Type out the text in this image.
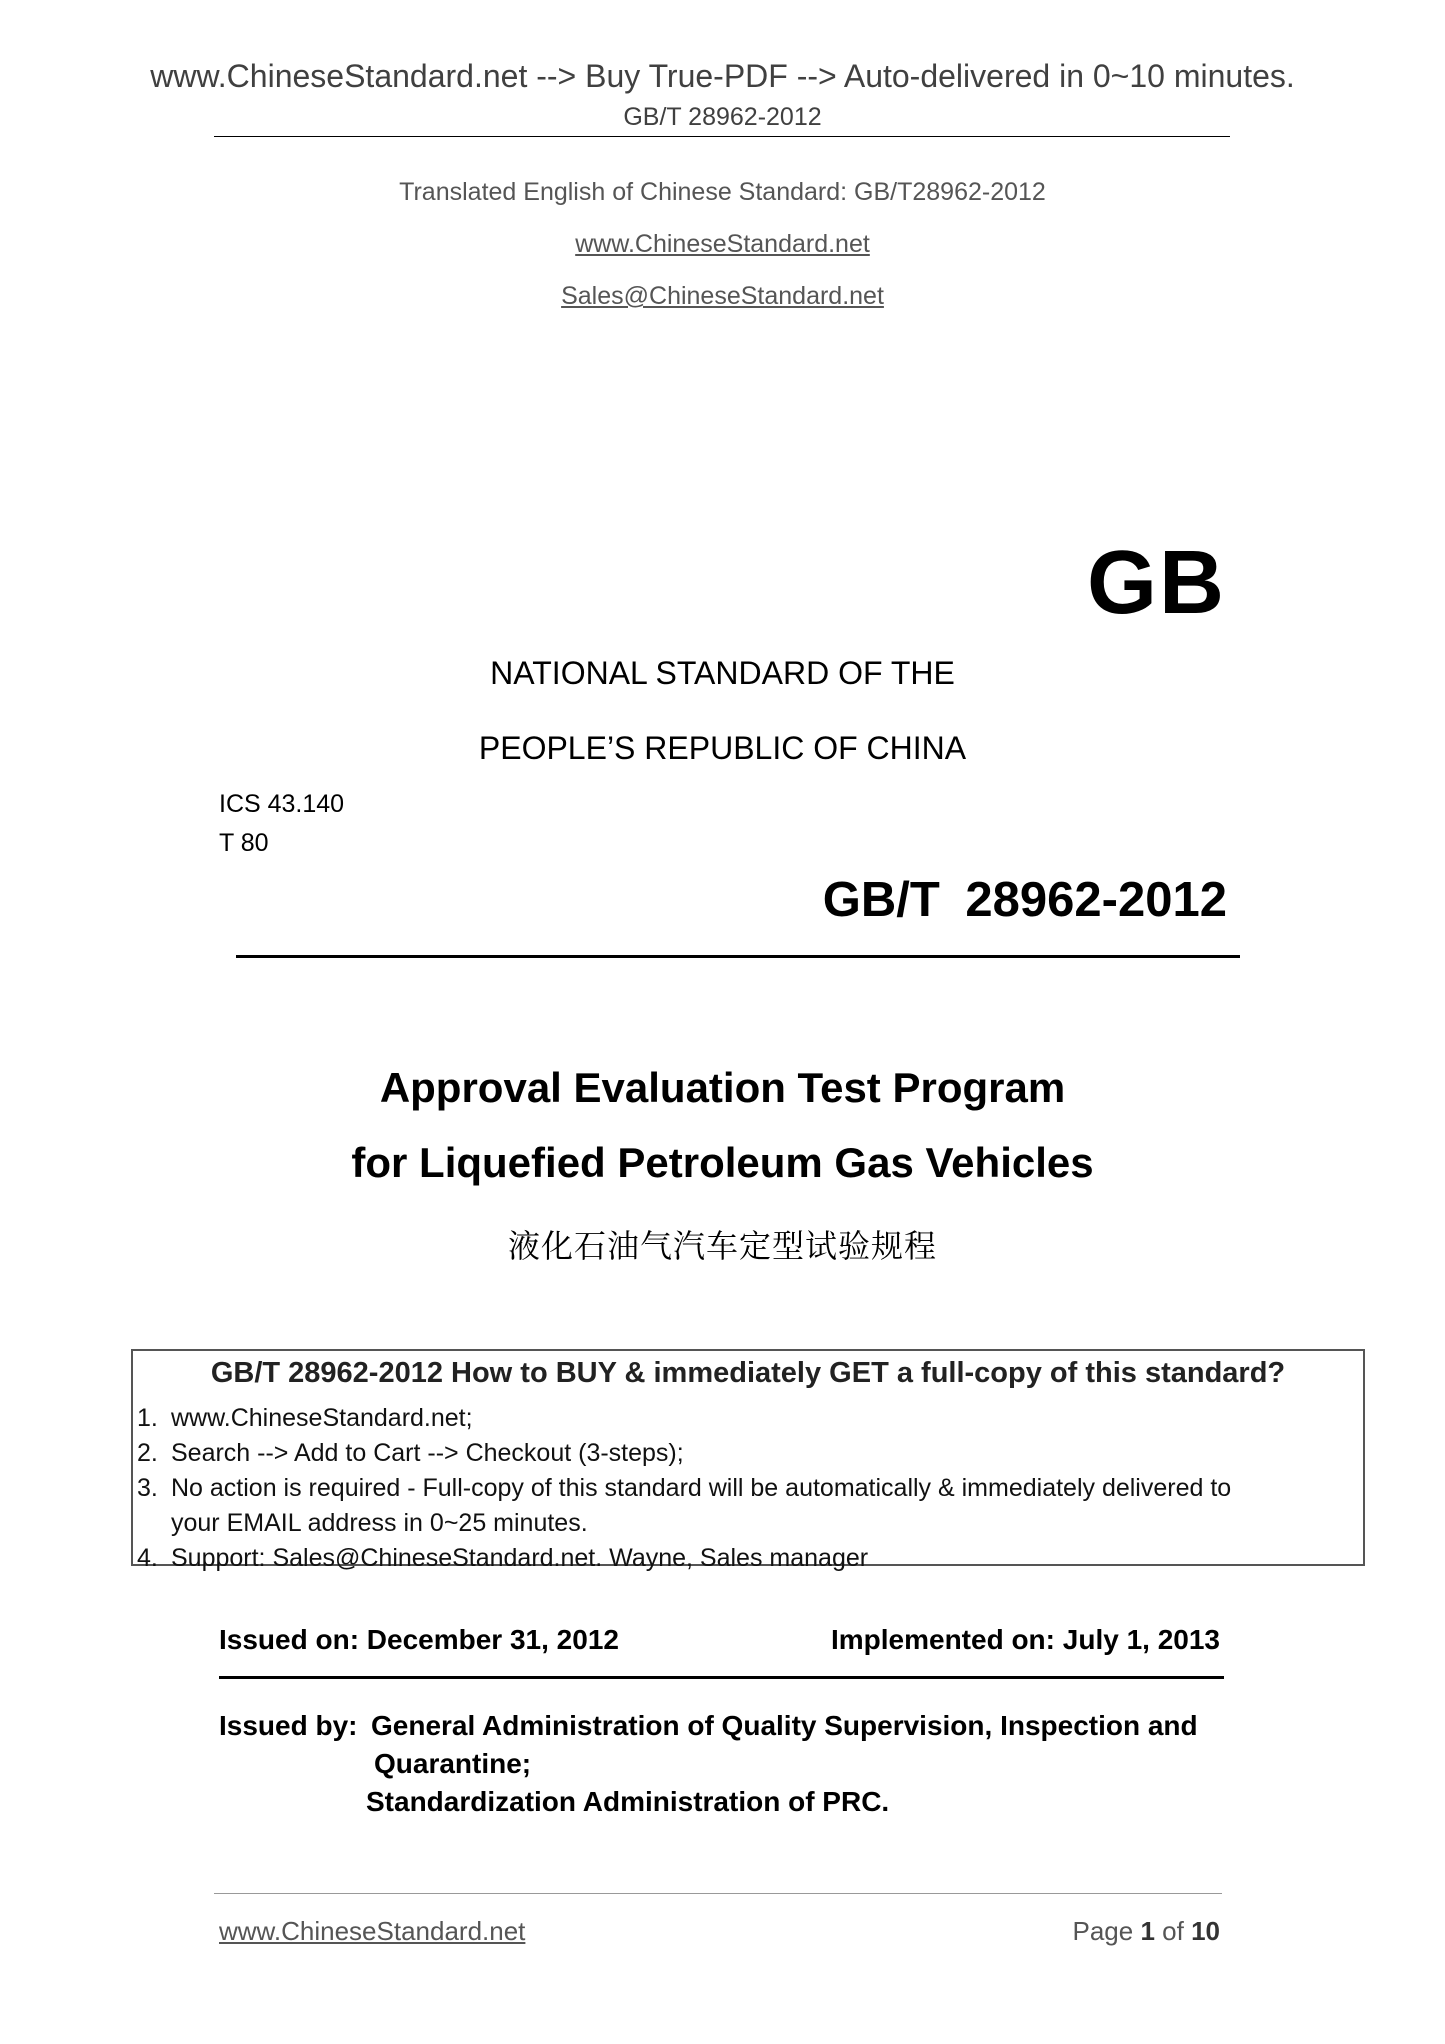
www.ChineseStandard.net --> Buy True-PDF --> Auto-delivered in 0~10 minutes.
GB/T 28962-2012
Translated English of Chinese Standard: GB/T28962-2012
www.ChineseStandard.net
Sales@ChineseStandard.net
GB
NATIONAL STANDARD OF THE
PEOPLE’S REPUBLIC OF CHINA
ICS 43.140
T 80
GB/T 28962-2012
Approval Evaluation Test Program
for Liquefied Petroleum Gas Vehicles
液化石油气汽车定型试验规程
GB/T 28962-2012 How to BUY & immediately GET a full-copy of this standard?
1. www.ChineseStandard.net;
2. Search --> Add to Cart --> Checkout (3-steps);
3. No action is required - Full-copy of this standard will be automatically & immediately delivered to
your EMAIL address in 0~25 minutes.
4. Support: Sales@ChineseStandard.net. Wayne, Sales manager
Issued on: December 31, 2012	Implemented on: July 1, 2013
Issued by: General Administration of Quality Supervision, Inspection and
Quarantine;
Standardization Administration of PRC.
www.ChineseStandard.net	Page 1 of 10
